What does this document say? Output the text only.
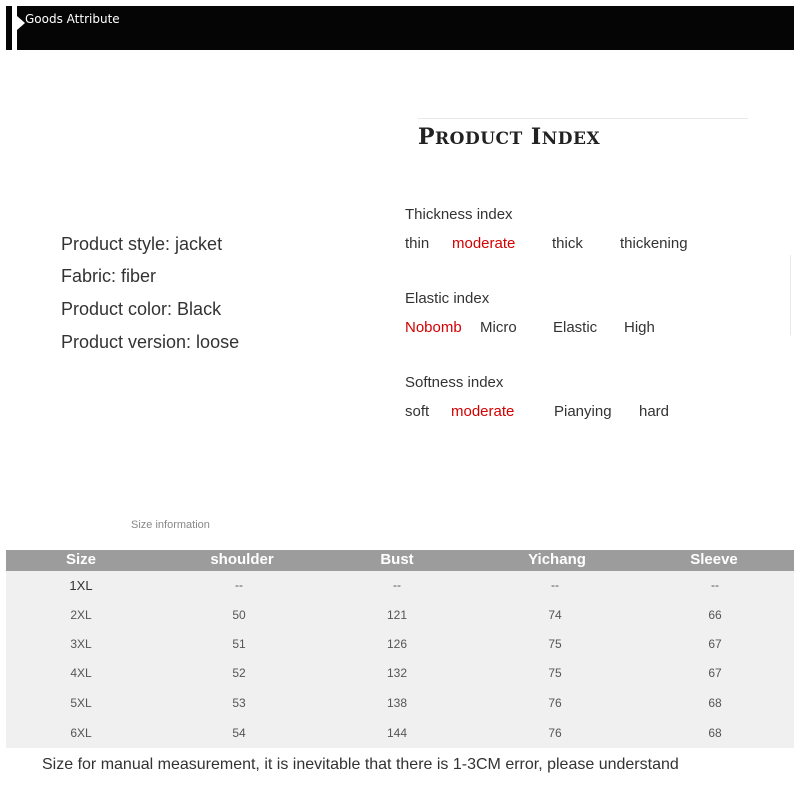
Goods Attribute
PRODUCT INDEX
Product style: jacket
Fabric: fiber
Product color: Black
Product version: loose
Thickness index
thin moderate thick thickening
Elastic index
Nobomb Micro Elastic High
Softness index
soft moderate	Pianying hard
Size information
Size	shoulder	Bust	Yichang	Sleeve
1XL	--	--	--	--
2XL	50	121	74	66
3XL	51	126	75	67
4XL	52	132	75	67
5XL	53	138	76	68
6XL	54	144	76	68
Size for manual measurement, it is inevitable that there is 1-3CM error, please understand
